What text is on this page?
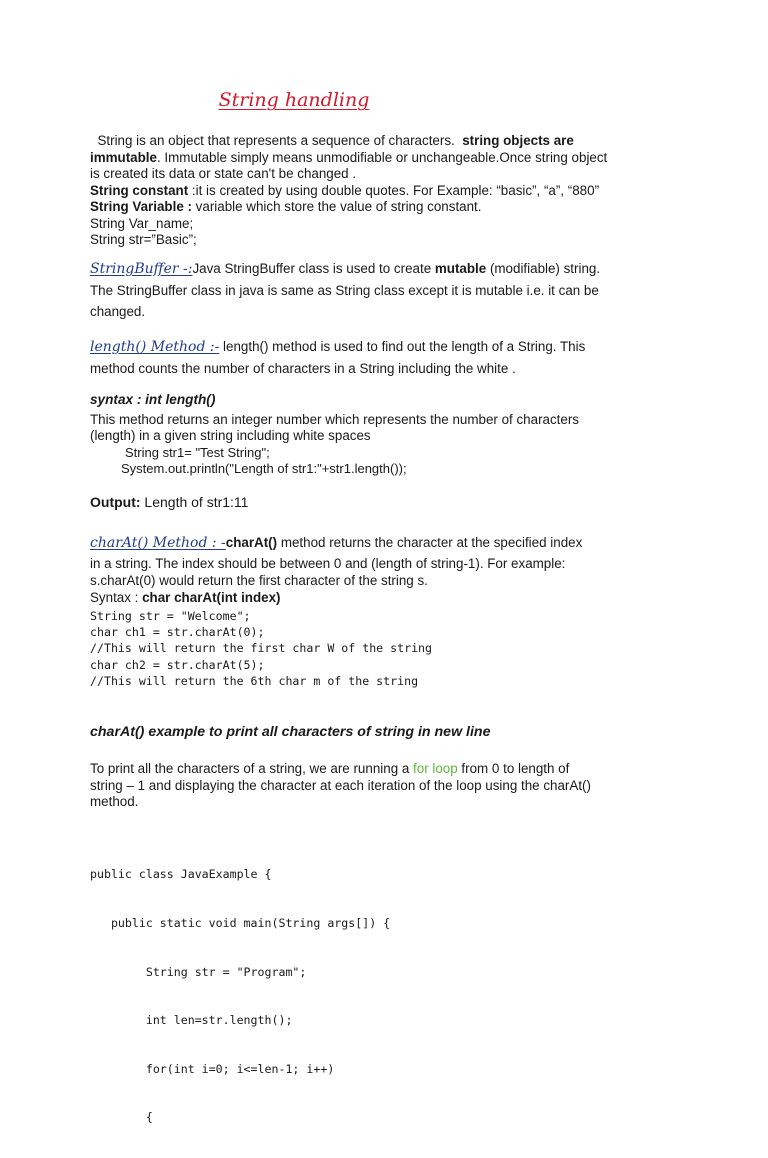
String handling

String is an object that represents a sequence of characters. string objects are

immutable. Immutable simply means unmodifiable or unchangeable.Once string object

is created its data or state can't be changed .

String constant :it is created by using double quotes. For Example: “basic”, “a”, “880”

String Variable : variable which store the value of string constant.

String Var_name;

String str=”Basic”;

StringBuffer -:Java StringBuffer class is used to create mutable (modifiable) string.

The StringBuffer class in java is same as String class except it is mutable i.e. it can be

changed.

length() Method :- length() method is used to find out the length of a String. This

method counts the number of characters in a String including the white .

syntax : int length()

This method returns an integer number which represents the number of characters

(length) in a given string including white spaces

String str1= "Test String";

System.out.println("Length of str1:"+str1.length());

Output: Length of str1:11

charAt() Method : -charAt() method returns the character at the specified index

in a string. The index should be between 0 and (length of string-1). For example:

s.charAt(0) would return the first character of the string s.

Syntax : char charAt(int index)

String str = "Welcome";
char ch1 = str.charAt(0);
//This will return the first char W of the string
char ch2 = str.charAt(5);
//This will return the 6th char m of the string

charAt() example to print all characters of string in new line

To print all the characters of a string, we are running a for loop from 0 to length of

string – 1 and displaying the character at each iteration of the loop using the charAt()

method.

public class JavaExample {

public static void main(String args[]) {

String str = "Program";

int len=str.length();

for(int i=0; i<=len-1; i++)

{
